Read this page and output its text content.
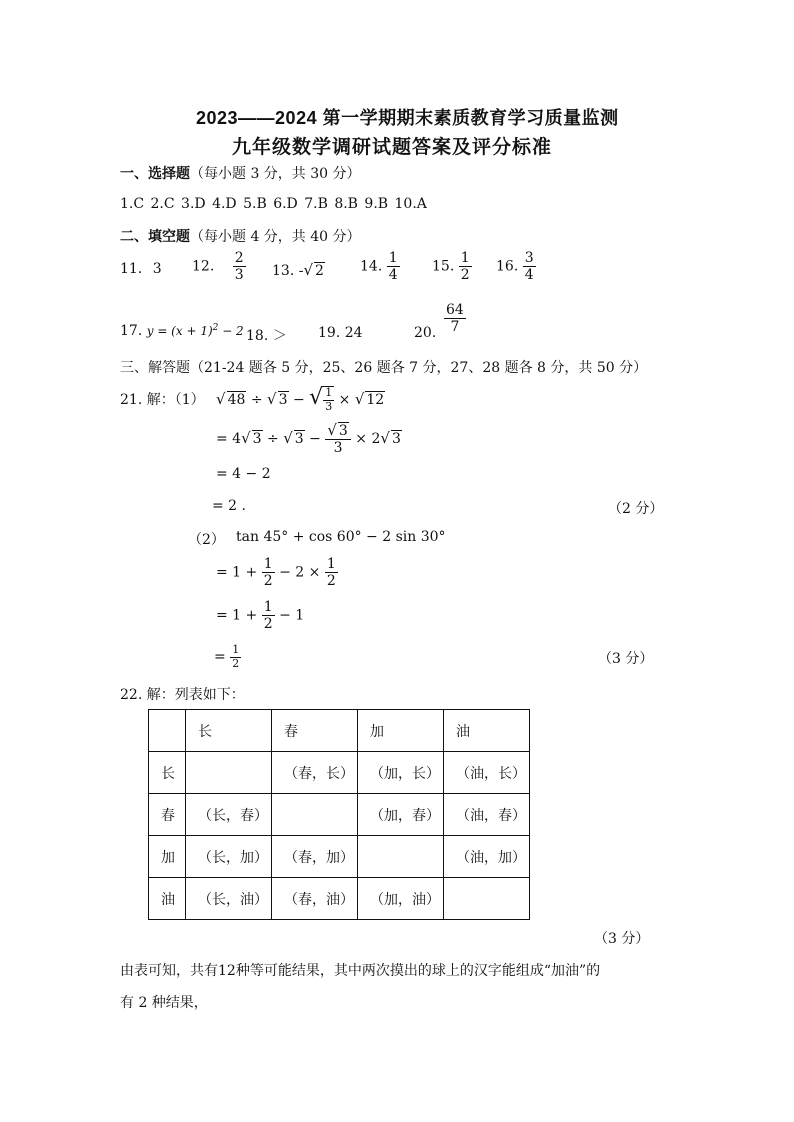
2023——2024 第一学期期末素质教育学习质量监测
九年级数学调研试题答案及评分标准
一、选择题（每小题 3 分，共 30 分）
1.C 2.C 3.D 4.D 5.B 6.D 7.B 8.B 9.B 10.A
二、填空题（每小题 4 分，共 40 分）
11. 3 12. $\frac{2}{3} 13$. -√ 2	14. $\frac{1}{4} 15$. $\frac{1}{2} 16$. $\frac{3}{4}$
17. $y = (x + 1)^2 - 2$ 18. ＞ 19. 24	20. $\frac{64}{7}$
三、解答题（21-24 题各 5 分，25、26 题各 7 分，27、28 题各 8 分，共 50 分）
21. 解：（1） √ 48 ÷ √ 3 − √ $\frac{1}{3}$ × √ 12
= 4√ 3 ÷ √ $3 - \frac{√ 3}{3} \times 2√$ 3
= 4 − 2
= 2 .	（2 分）
（2） tan 45° + cos 60° − 2 sin 30°
= $1 + \frac{1}{2} - 2 \times \frac{1}{2}$
= $1 + \frac{1}{2} - 1$
= $\frac{1}{2}$	（3 分）
22. 解：列表如下：
	长	春	加	油
长		（春，长）	（加，长）	（油，长）
春	（长，春）		（加，春）	（油，春）
加	（长，加）	（春，加）		（油，加）
油	（长，油）	（春，油）	（加，油）	
（3 分）
由表可知，共有12种等可能结果，其中两次摸出的球上的汉字能组成“加油”的
有 2 种结果，
